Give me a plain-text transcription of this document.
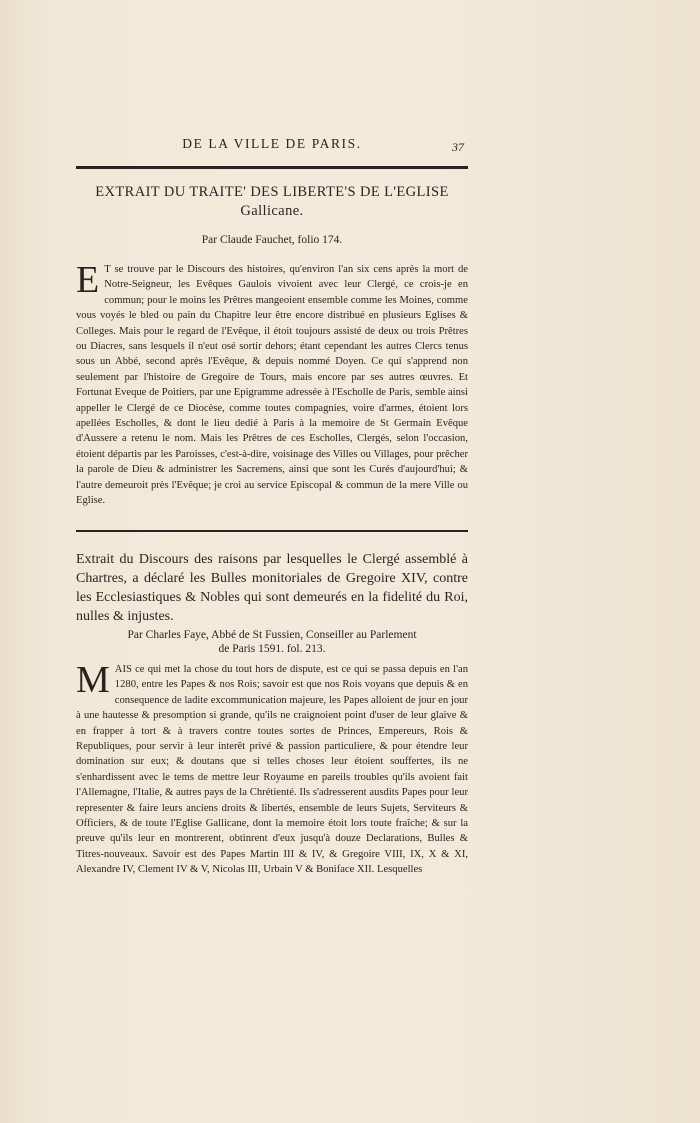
DE LA VILLE DE PARIS.	37
EXTRAIT DU TRAITE' DES LIBERTE'S DE L'EGLISE Gallicane.
Par Claude Fauchet, folio 174.
E T se trouve par le Discours des histoires, qu'environ l'an six cens après la mort de Notre-Seigneur, les Evêques Gaulois vivoient avec leur Clergé, ce crois-je en commun; pour le moins les Prêtres mangeoient ensemble comme les Moines, comme vous voyés le bled ou pain du Chapitre leur être encore distribué en plusieurs Eglises & Colleges. Mais pour le regard de l'Evêque, il étoit toujours assisté de deux ou trois Prêtres ou Diacres, sans lesquels il n'eut osé sortir dehors; étant cependant les autres Clercs tenus sous un Abbé, second après l'Evêque, & depuis nommé Doyen. Ce qui s'apprend non seulement par l'histoire de Gregoire de Tours, mais encore par ses autres œuvres. Et Fortunat Eveque de Poitiers, par une Epigramme adressée à l'Escholle de Paris, semble ainsi appeller le Clergé de ce Diocèse, comme toutes compagnies, voire d'armes, étoient lors apellées Escholles, & dont le lieu dedié à Paris à la memoire de St Germain Evêque d'Aussere a retenu le nom. Mais les Prêtres de ces Escholles, Clergés, selon l'occasion, étoient départis par les Paroisses, c'est-à-dire, voisinage des Villes ou Villages, pour prêcher la parole de Dieu & administrer les Sacremens, ainsi que sont les Curés d'aujourd'hui; & l'autre demeuroit près l'Evêque; je croi au service Episcopal & commun de la mere Ville ou Eglise.
Extrait du Discours des raisons par lesquelles le Clergé assemblé à Chartres, a déclaré les Bulles monitoriales de Gregoire XIV, contre les Ecclesiastiques & Nobles qui sont demeurés en la fidelité du Roi, nulles & injustes.
Par Charles Faye, Abbé de St Fussien, Conseiller au Parlement
de Paris 1591. fol. 213.
MAIS ce qui met la chose du tout hors de dispute, est ce qui se passa depuis en l'an 1280, entre les Papes & nos Rois; savoir est que nos Rois voyans que depuis & en consequence de ladite excommunication majeure, les Papes alloient de jour en jour à une hautesse & presomption si grande, qu'ils ne craignoient point d'user de leur glaive & en frapper à tort & à travers contre toutes sortes de Princes, Empereurs, Rois & Republiques, pour servir à leur interêt privé & passion particuliere, & pour étendre leur domination sur eux; & doutans que si telles choses leur étoient souffertes, ils ne s'enhardissent avec le tems de mettre leur Royaume en pareils troubles qu'ils avoient fait l'Allemagne, l'Italie, & autres pays de la Chrétienté. Ils s'adresserent ausdits Papes pour leur representer & faire leurs anciens droits & libertés, ensemble de leurs Sujets, Serviteurs & Officiers, & de toute l'Eglise Gallicane, dont la memoire étoit lors toute fraîche; & sur la preuve qu'ils leur en montrerent, obtinrent d'eux jusqu'à douze Declarations, Bulles & Titres-nouveaux. Savoir est des Papes Martin III & IV, & Gregoire VIII, IX, X & XI, Alexandre IV, Clement IV & V, Nicolas III, Urbain V & Boniface XII. Lesquelles
